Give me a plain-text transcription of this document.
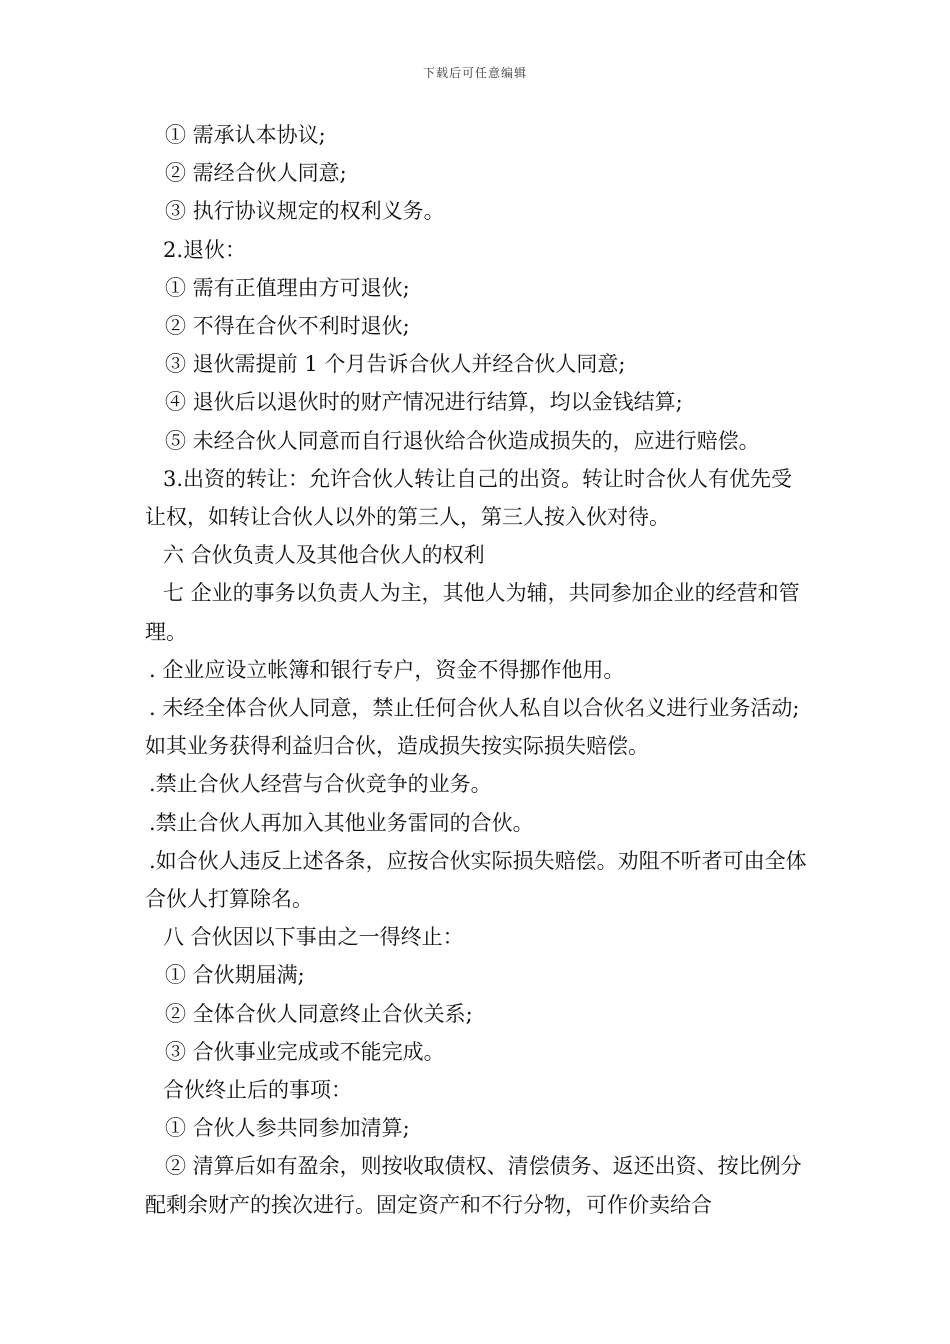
下载后可任意编辑

① 需承认本协议;

② 需经合伙人同意;

③ 执行协议规定的权利义务。

2.退伙：

① 需有正值理由方可退伙;

② 不得在合伙不利时退伙;

③ 退伙需提前 1 个月告诉合伙人并经合伙人同意;

④ 退伙后以退伙时的财产情况进行结算，均以金钱结算;

⑤ 未经合伙人同意而自行退伙给合伙造成损失的，应进行赔偿。

3.出资的转让：允许合伙人转让自己的出资。转让时合伙人有优先受让权，如转让合伙人以外的第三人，第三人按入伙对待。

六 合伙负责人及其他合伙人的权利

七 企业的事务以负责人为主，其他人为辅，共同参加企业的经营和管理。

. 企业应设立帐簿和银行专户，资金不得挪作他用。

. 未经全体合伙人同意，禁止任何合伙人私自以合伙名义进行业务活动;如其业务获得利益归合伙，造成损失按实际损失赔偿。

.禁止合伙人经营与合伙竞争的业务。

.禁止合伙人再加入其他业务雷同的合伙。

.如合伙人违反上述各条，应按合伙实际损失赔偿。劝阻不听者可由全体合伙人打算除名。

八 合伙因以下事由之一得终止：

① 合伙期届满;

② 全体合伙人同意终止合伙关系;

③ 合伙事业完成或不能完成。

合伙终止后的事项：

① 合伙人参共同参加清算;

② 清算后如有盈余，则按收取债权、清偿债务、返还出资、按比例分配剩余财产的挨次进行。固定资产和不行分物，可作价卖给合
